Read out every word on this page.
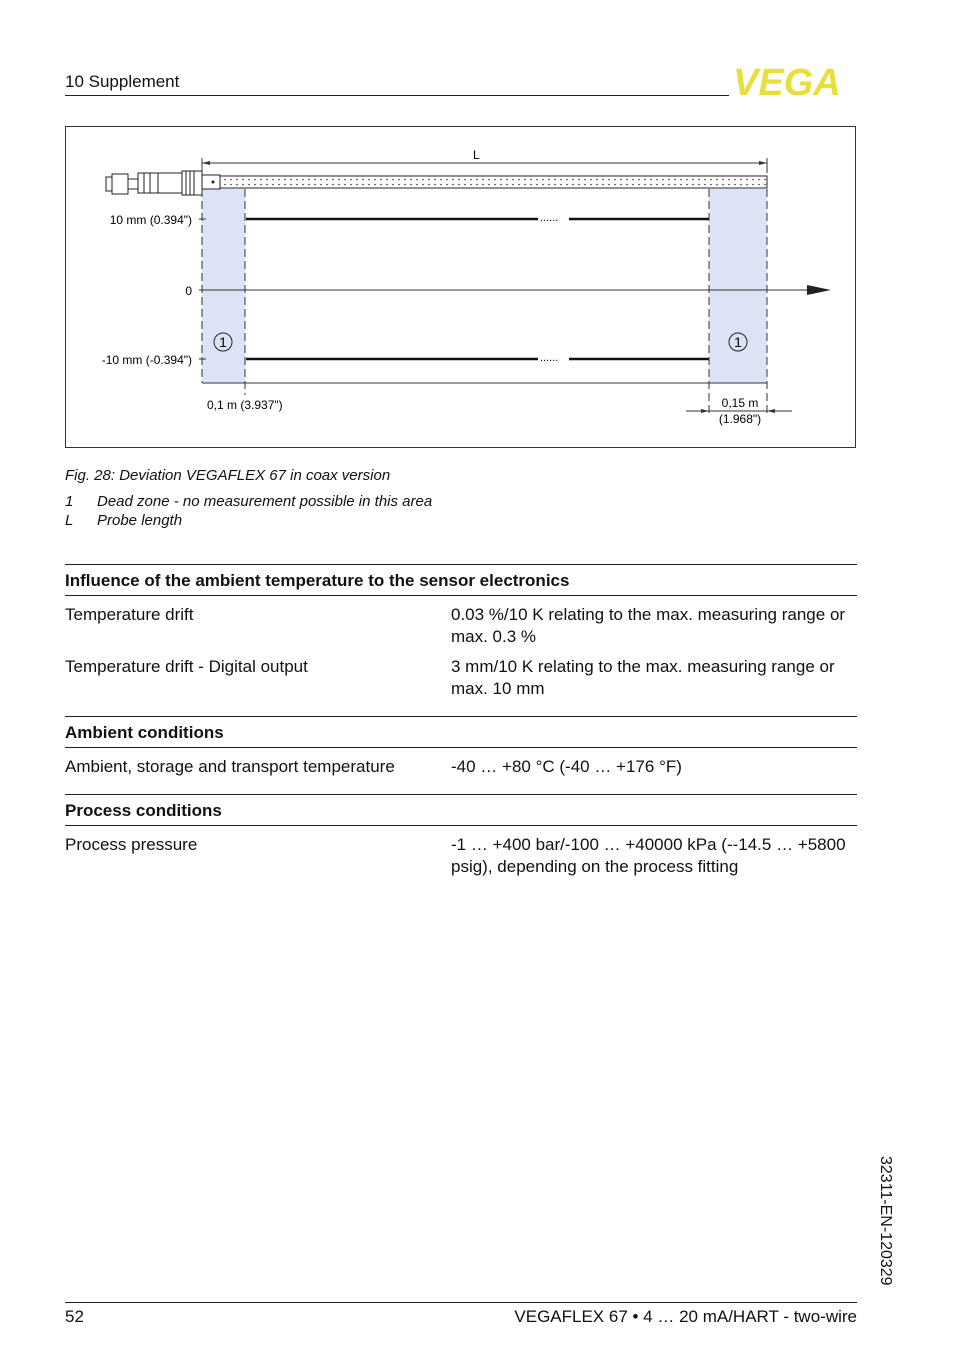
10 Supplement	VEGA
L
10 mm (0.394")
0
-10 mm (-0.394")
......
......
1	1
0,1 m (3.937")	0,15 m
(1.968")
Fig. 28: Deviation VEGAFLEX 67 in coax version
1	Dead zone - no measurement possible in this area
L	Probe length
Influence of the ambient temperature to the sensor electronics
Temperature drift	0.03 %/10 K relating to the max. measuring range or max. 0.3 %
Temperature drift - Digital output	3 mm/10 K relating to the max. measuring range or max. 10 mm
Ambient conditions
Ambient, storage and transport temperature	-40 … +80 °C (-40 … +176 °F)
Process conditions
Process pressure	-1 … +400 bar/-100 … +40000 kPa (--14.5 … +5800 psig), depending on the process fitting
32311-EN-120329
52	VEGAFLEX 67 • 4 … 20 mA/HART - two-wire
